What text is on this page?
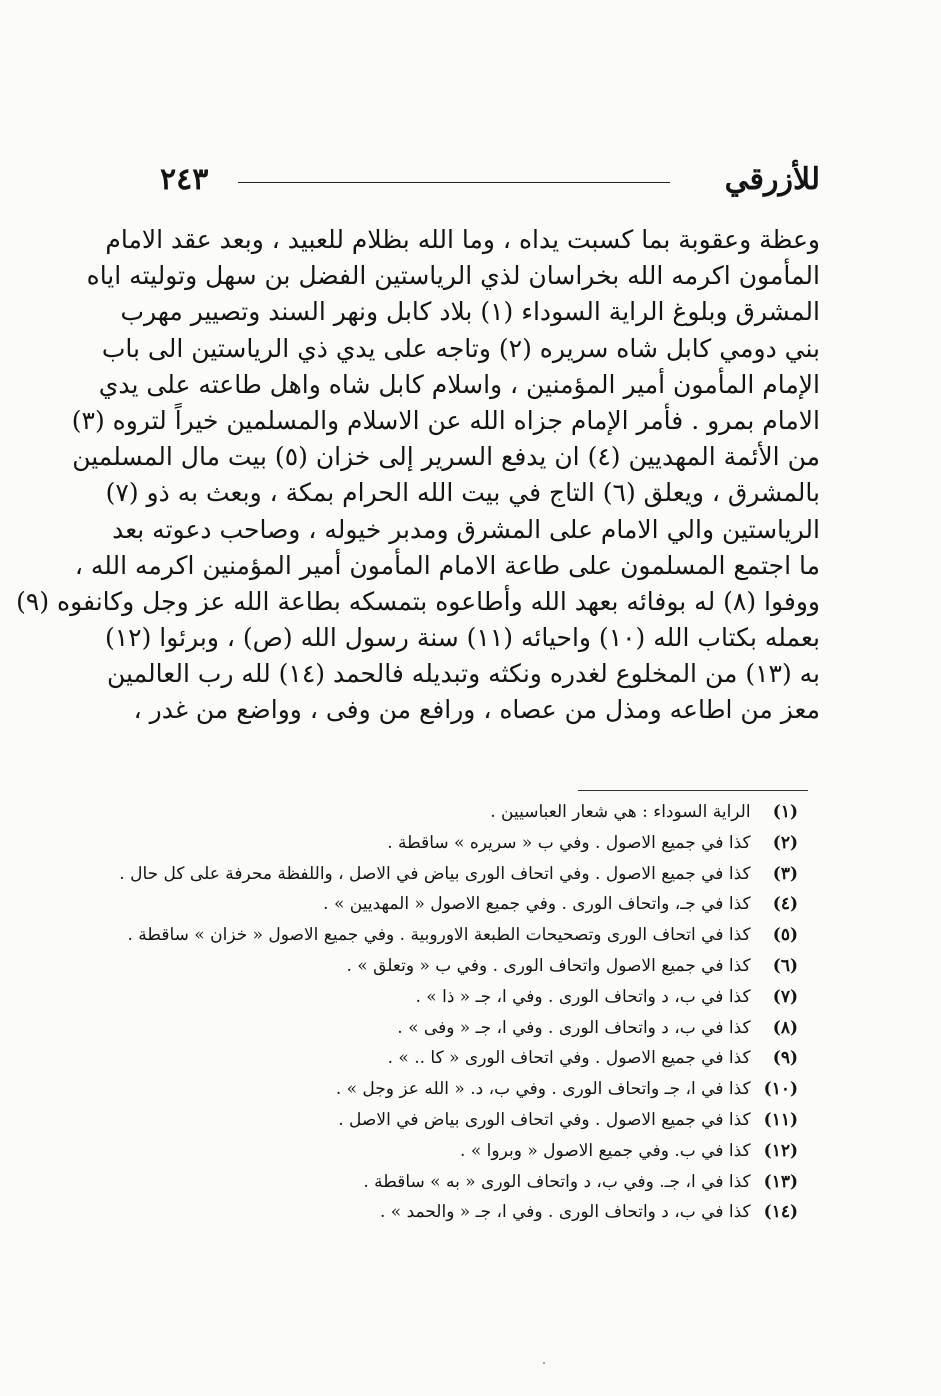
للأزرقي
٢٤٣
وعظة وعقوبة بما كسبت يداه ، وما الله بظلام للعبيد ، وبعد عقد الامام
المأمون اكرمه الله بخراسان لذي الرياستين الفضل بن سهل وتوليته اياه
المشرق وبلوغ الراية السوداء (١) بلاد كابل ونهر السند وتصيير مهرب
بني دومي كابل شاه سريره (٢) وتاجه على يدي ذي الرياستين الى باب
الإمام المأمون أمير المؤمنين ، واسلام كابل شاه واهل طاعته على يدي
الامام بمرو . فأمر الإمام جزاه الله عن الاسلام والمسلمين خيراً لتروه (٣)
من الأئمة المهديين (٤) ان يدفع السرير إلى خزان (٥) بيت مال المسلمين
بالمشرق ، ويعلق (٦) التاج في بيت الله الحرام بمكة ، وبعث به ذو (٧)
الرياستين والي الامام على المشرق ومدبر خيوله ، وصاحب دعوته بعد
ما اجتمع المسلمون على طاعة الامام المأمون أمير المؤمنين اكرمه الله ،
ووفوا (٨) له بوفائه بعهد الله وأطاعوه بتمسكه بطاعة الله عز وجل وكانفوه (٩)
بعمله بكتاب الله (١٠) واحيائه (١١) سنة رسول الله (ص) ، وبرئوا (١٢)
به (١٣) من المخلوع لغدره ونكثه وتبديله فالحمد (١٤) لله رب العالمين
معز من اطاعه ومذل من عصاه ، ورافع من وفى ، وواضع من غدر ،
(١) الراية السوداء : هي شعار العباسيين .
(٢) كذا في جميع الاصول . وفي ب « سريره » ساقطة .
(٣) كذا في جميع الاصول . وفي اتحاف الورى بياض في الاصل ، واللفظة محرفة على كل حال .
(٤) كذا في جـ، واتحاف الورى . وفي جميع الاصول « المهديين » .
(٥) كذا في اتحاف الورى وتصحيحات الطبعة الاوروبية . وفي جميع الاصول « خزان » ساقطة .
(٦) كذا في جميع الاصول واتحاف الورى . وفي ب « وتعلق » .
(٧) كذا في ب، د واتحاف الورى . وفي ا، جـ « ذا » .
(٨) كذا في ب، د واتحاف الورى . وفي ا، جـ « وفى » .
(٩) كذا في جميع الاصول . وفي اتحاف الورى « كا .. » .
(١٠) كذا في ا، جـ واتحاف الورى . وفي ب، د. « الله عز وجل » .
(١١) كذا في جميع الاصول . وفي اتحاف الورى بياض في الاصل .
(١٢) كذا في ب. وفي جميع الاصول « وبروا » .
(١٣) كذا في ا، جـ. وفي ب، د واتحاف الورى « به » ساقطة .
(١٤) كذا في ب، د واتحاف الورى . وفي ا، جـ « والحمد » .
